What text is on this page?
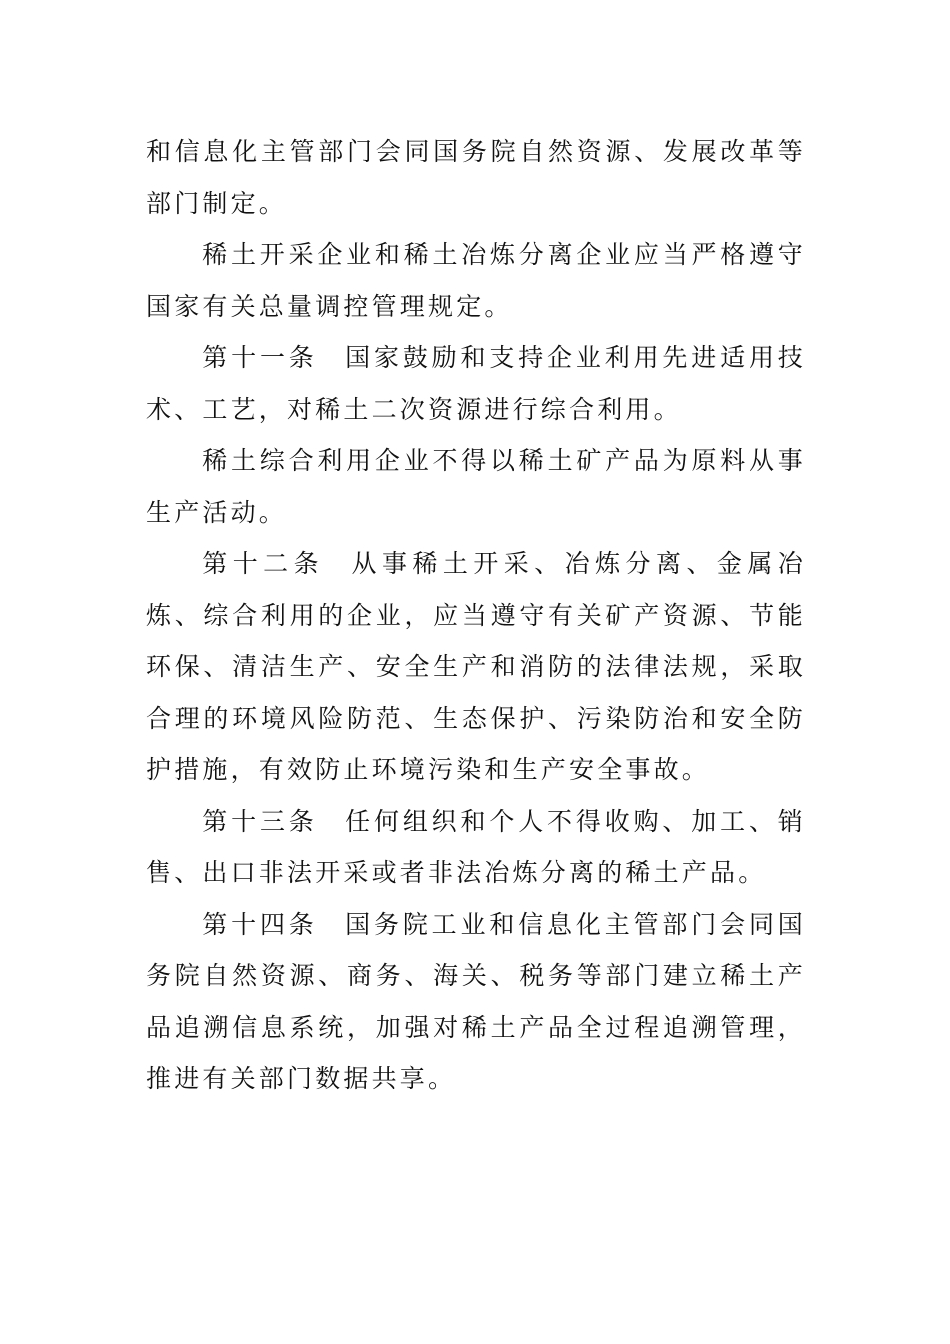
和信息化主管部门会同国务院自然资源、发展改革等部门制定。

稀土开采企业和稀土冶炼分离企业应当严格遵守国家有关总量调控管理规定。

第十一条 国家鼓励和支持企业利用先进适用技术、工艺，对稀土二次资源进行综合利用。

稀土综合利用企业不得以稀土矿产品为原料从事生产活动。

第十二条 从事稀土开采、冶炼分离、金属冶炼、综合利用的企业，应当遵守有关矿产资源、节能环保、清洁生产、安全生产和消防的法律法规，采取合理的环境风险防范、生态保护、污染防治和安全防护措施，有效防止环境污染和生产安全事故。

第十三条 任何组织和个人不得收购、加工、销售、出口非法开采或者非法冶炼分离的稀土产品。

第十四条 国务院工业和信息化主管部门会同国务院自然资源、商务、海关、税务等部门建立稀土产品追溯信息系统，加强对稀土产品全过程追溯管理，推进有关部门数据共享。
